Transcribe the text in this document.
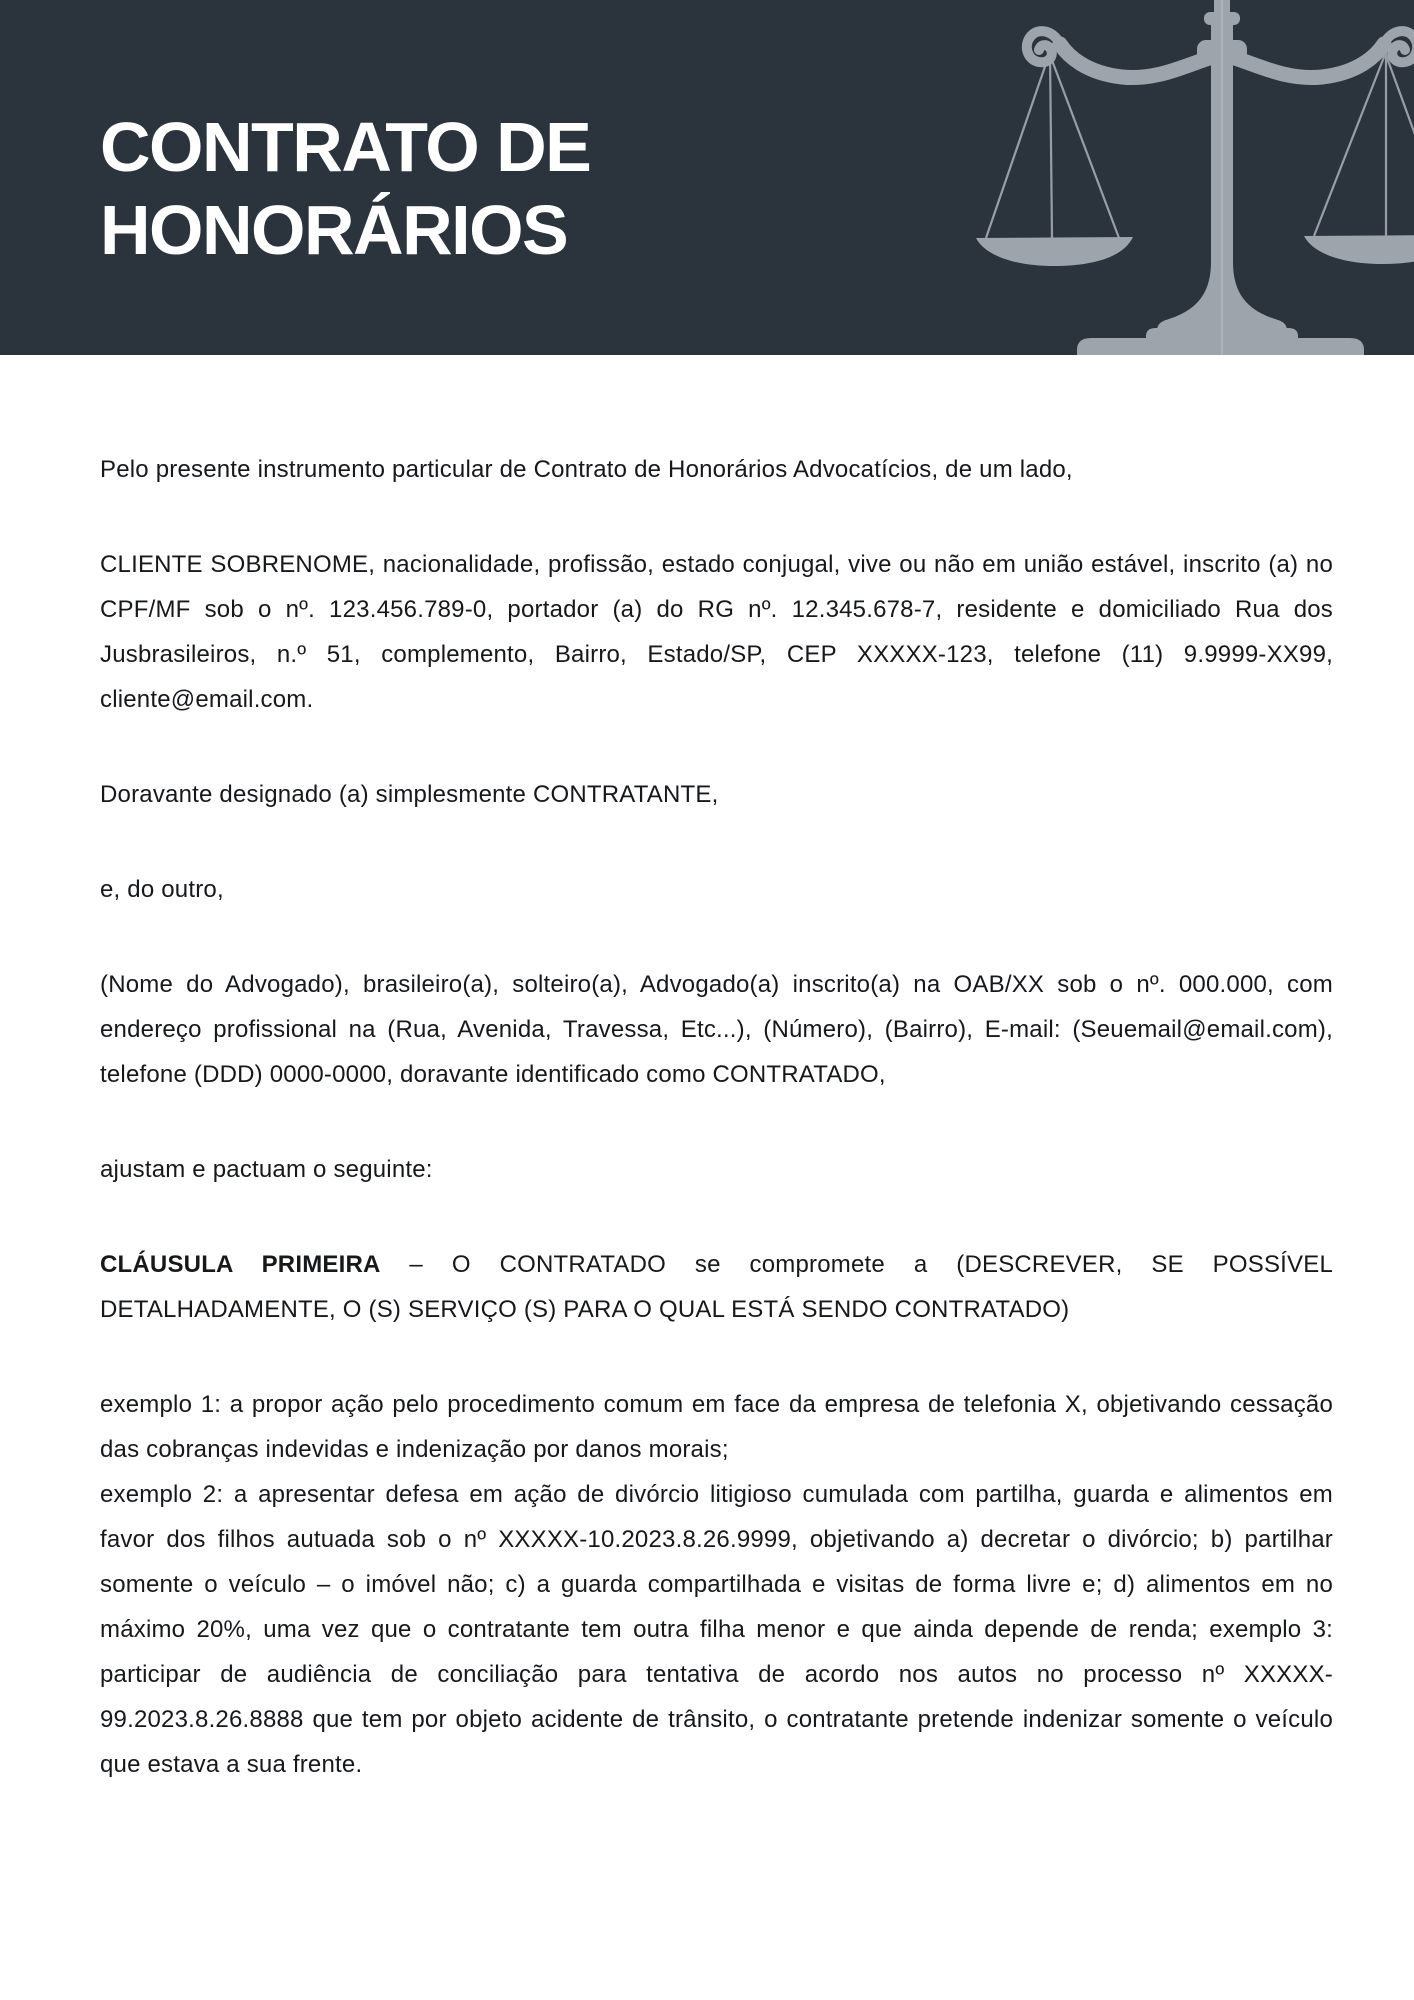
CONTRATO DE
HONORÁRIOS

Pelo presente instrumento particular de Contrato de Honorários Advocatícios, de um lado,

CLIENTE SOBRENOME, nacionalidade, profissão, estado conjugal, vive ou não em união estável, inscrito (a) no CPF/MF sob o nº. 123.456.789-0, portador (a) do RG nº. 12.345.678-7, residente e domiciliado Rua dos Jusbrasileiros, n.º 51, complemento, Bairro, Estado/SP, CEP XXXXX-123, telefone (11) 9.9999-XX99, cliente@email.com.

Doravante designado (a) simplesmente CONTRATANTE,

e, do outro,

(Nome do Advogado), brasileiro(a), solteiro(a), Advogado(a) inscrito(a) na OAB/XX sob o nº. 000.000, com endereço profissional na (Rua, Avenida, Travessa, Etc...), (Número), (Bairro), E-mail: (Seuemail@email.com), telefone (DDD) 0000-0000, doravante identificado como CONTRATADO,

ajustam e pactuam o seguinte:

CLÁUSULA PRIMEIRA – O CONTRATADO se compromete a (DESCREVER, SE POSSÍVEL DETALHADAMENTE, O (S) SERVIÇO (S) PARA O QUAL ESTÁ SENDO CONTRATADO)

exemplo 1: a propor ação pelo procedimento comum em face da empresa de telefonia X, objetivando cessação das cobranças indevidas e indenização por danos morais;

exemplo 2: a apresentar defesa em ação de divórcio litigioso cumulada com partilha, guarda e alimentos em favor dos filhos autuada sob o nº XXXXX-10.2023.8.26.9999, objetivando a) decretar o divórcio; b) partilhar somente o veículo – o imóvel não; c) a guarda compartilhada e visitas de forma livre e; d) alimentos em no máximo 20%, uma vez que o contratante tem outra filha menor e que ainda depende de renda; exemplo 3: participar de audiência de conciliação para tentativa de acordo nos autos no processo nº XXXXX-99.2023.8.26.8888 que tem por objeto acidente de trânsito, o contratante pretende indenizar somente o veículo que estava a sua frente.
